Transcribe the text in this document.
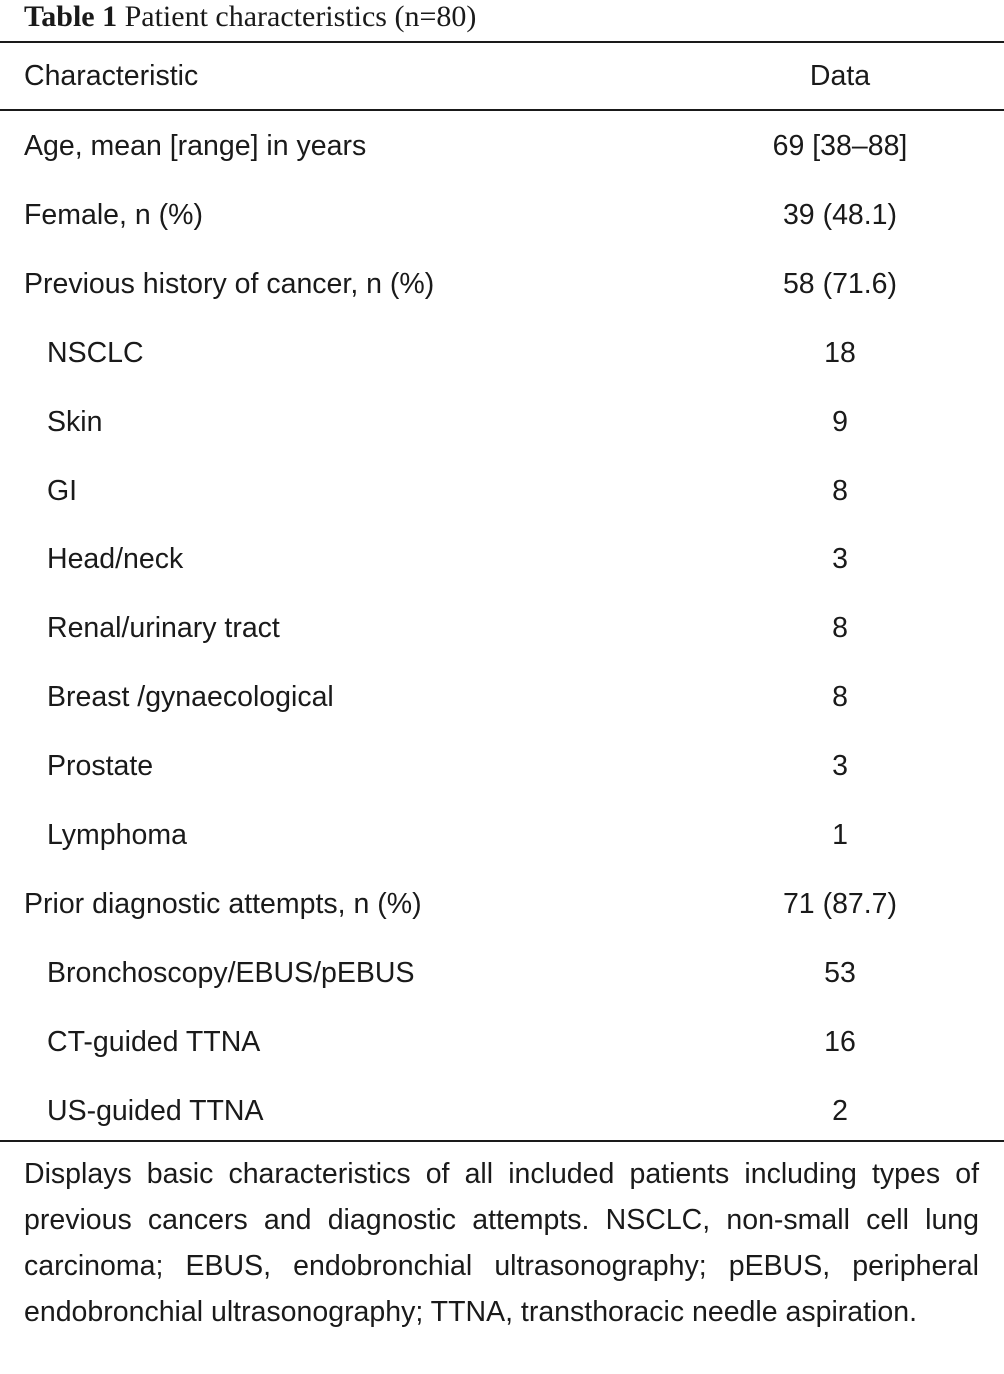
Table 1 Patient characteristics (n=80)
Characteristic	Data
Age, mean [range] in years	69 [38–88]
Female, n (%)	39 (48.1)
Previous history of cancer, n (%)	58 (71.6)
NSCLC	18
Skin	9
GI	8
Head/neck	3
Renal/urinary tract	8
Breast /gynaecological	8
Prostate	3
Lymphoma	1
Prior diagnostic attempts, n (%)	71 (87.7)
Bronchoscopy/EBUS/pEBUS	53
CT-guided TTNA	16
US-guided TTNA	2
Displays basic characteristics of all included patients including types of previous cancers and diagnostic attempts. NSCLC, non-small cell lung carcinoma; EBUS, endobronchial ultrasonography; pEBUS, peripheral endobronchial ultrasonography; TTNA, transthoracic needle aspiration.
